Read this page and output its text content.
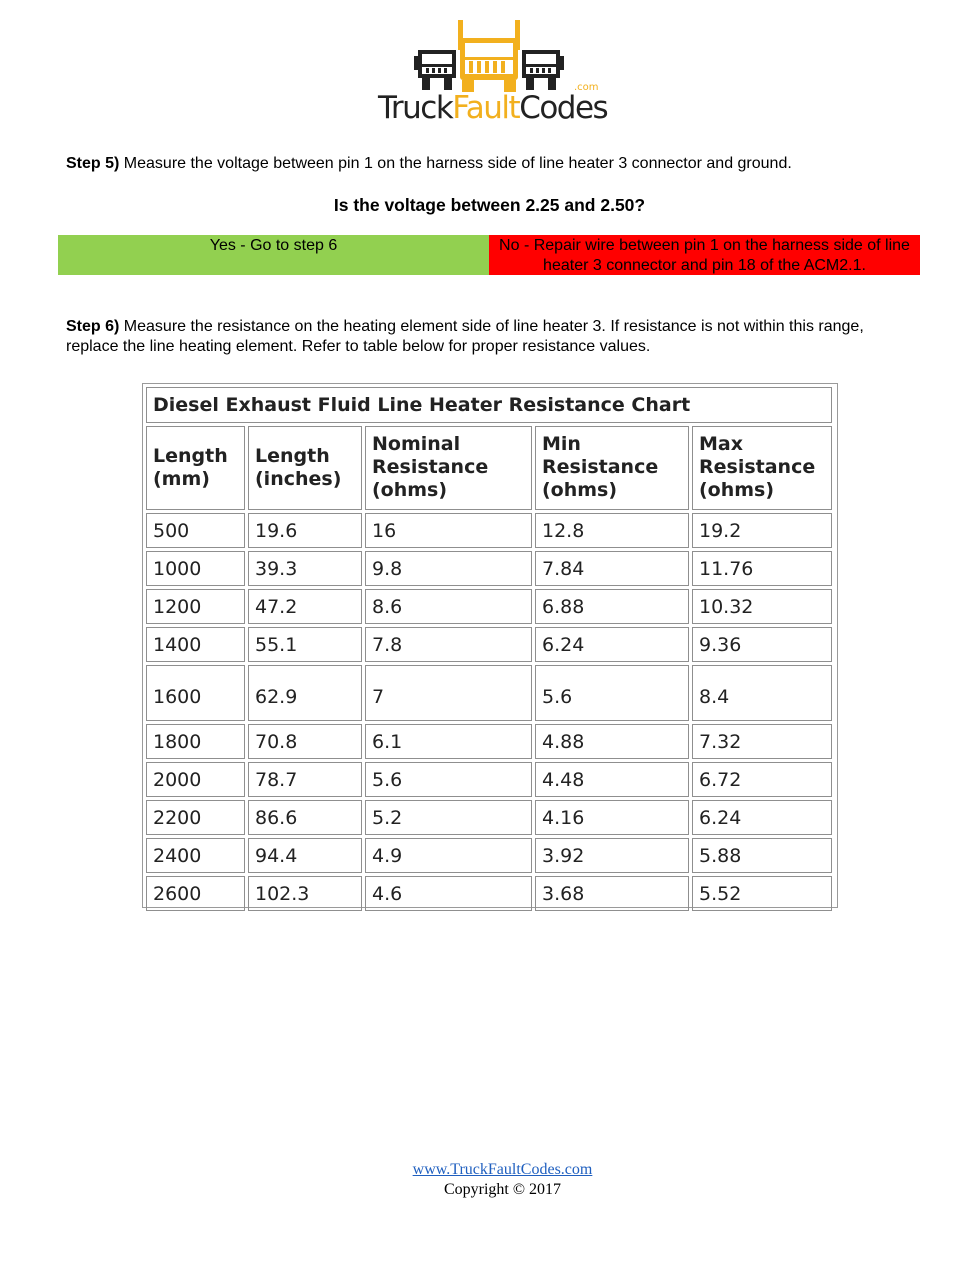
TruckFaultCodes
.com
Step 5) Measure the voltage between pin 1 on the harness side of line heater 3 connector and ground.
Is the voltage between 2.25 and 2.50?
Yes - Go to step 6	No - Repair wire between pin 1 on the harness side of line heater 3 connector and pin 18 of the ACM2.1.
Step 6) Measure the resistance on the heating element side of line heater 3. If resistance is not within this range, replace the line heating element. Refer to table below for proper resistance values.
Diesel Exhaust Fluid Line Heater Resistance Chart				
Length
(mm)	Length
(inches)	Nominal
Resistance
(ohms)	Min
Resistance
(ohms)	Max
Resistance
(ohms)
500	19.6	16	12.8	19.2
1000	39.3	9.8	7.84	11.76
1200	47.2	8.6	6.88	10.32
1400	55.1	7.8	6.24	9.36
1600	62.9	7	5.6	8.4
1800	70.8	6.1	4.88	7.32
2000	78.7	5.6	4.48	6.72
2200	86.6	5.2	4.16	6.24
2400	94.4	4.9	3.92	5.88
2600	102.3	4.6	3.68	5.52
www.TruckFaultCodes.com
Copyright © 2017
